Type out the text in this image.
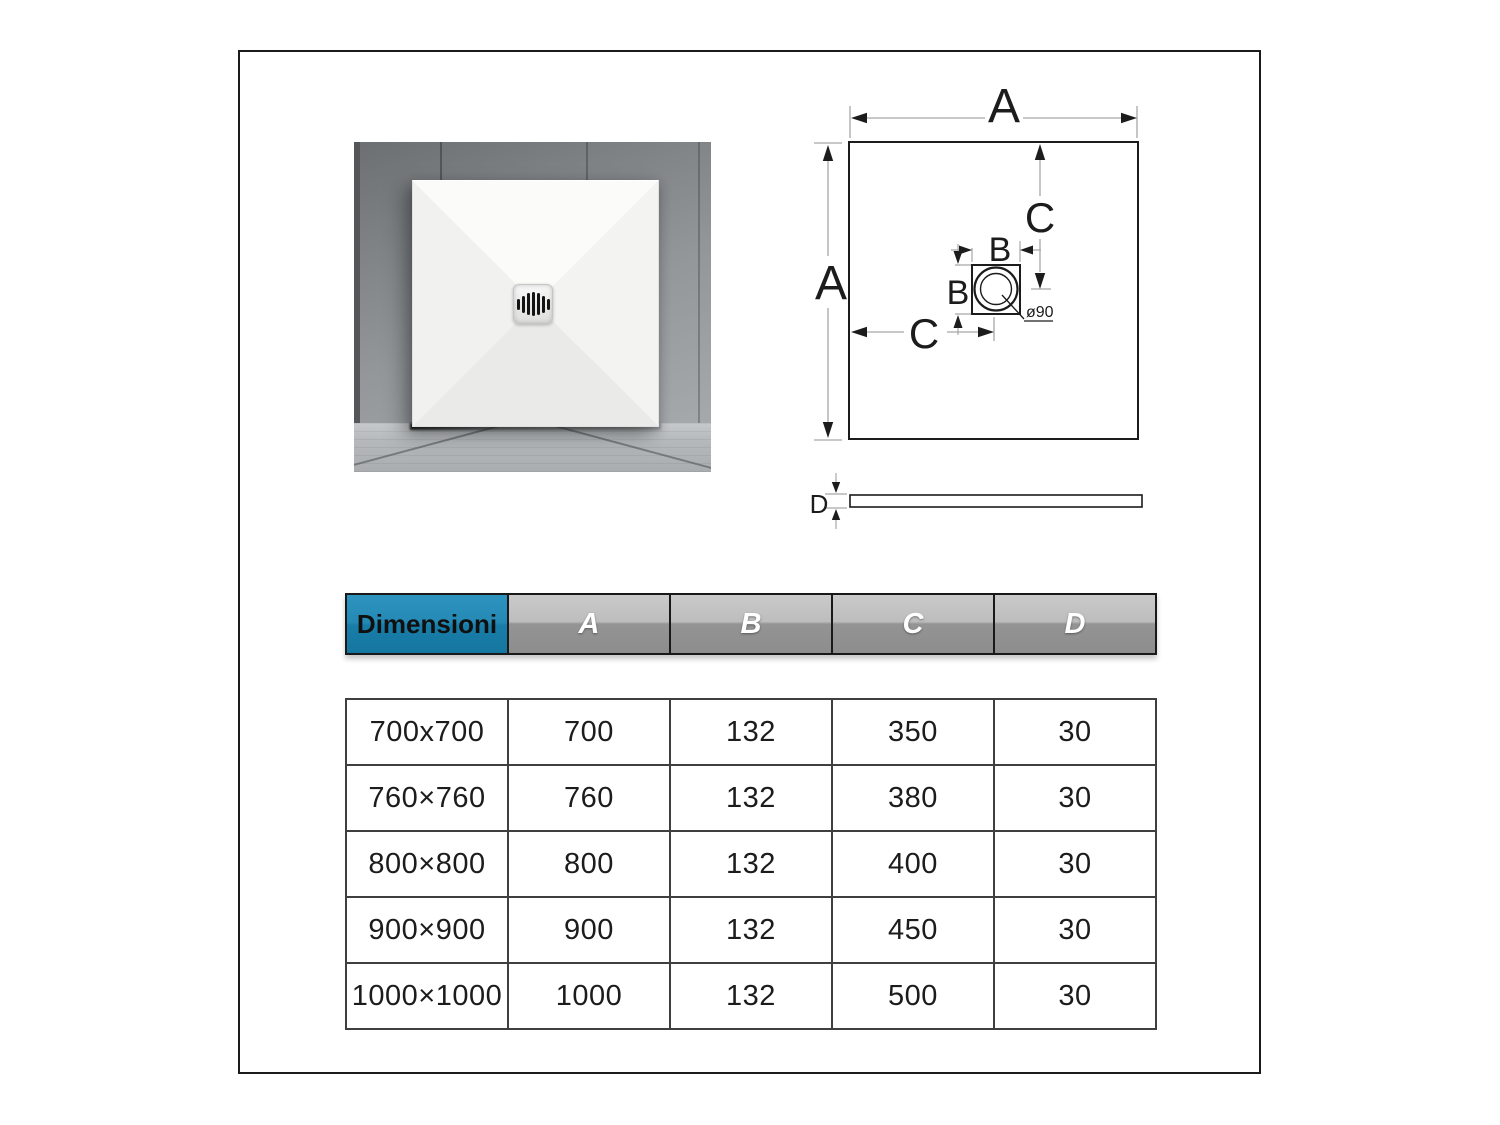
A
A
C
C	ø90
B
B
D
Dimensioni	A	B	C	D
700x700	700	132	350	30
760×760	760	132	380	30
800×800	800	132	400	30
900×900	900	132	450	30
1000×1000	1000	132	500	30
